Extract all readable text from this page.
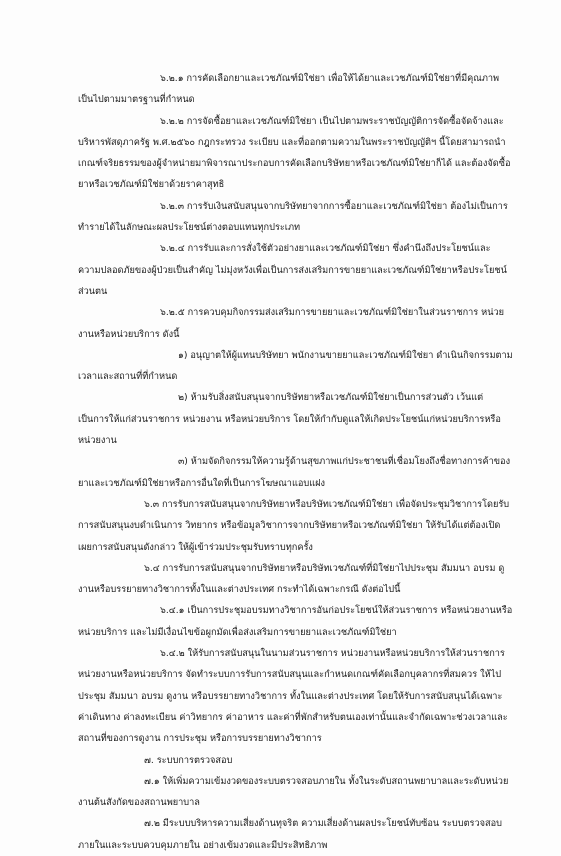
๖.๒.๑ การคัดเลือกยาและเวชภัณฑ์มิใช่ยา เพื่อให้ได้ยาและเวชภัณฑ์มิใช่ยาที่มีคุณภาพ เป็นไปตามมาตรฐานที่กำหนด

๖.๒.๒ การจัดซื้อยาและเวชภัณฑ์มิใช่ยา เป็นไปตามพระราชบัญญัติการจัดซื้อจัดจ้างและบริหารพัสดุภาครัฐ พ.ศ.๒๕๖๐ กฎกระทรวง ระเบียบ และที่ออกตามความในพระราชบัญญัติฯ นี้โดยสามารถนำเกณฑ์จริยธรรมของผู้จำหน่ายมาพิจารณาประกอบการคัดเลือกบริษัทยาหรือเวชภัณฑ์มิใช่ยาก็ได้ และต้องจัดซื้อยาหรือเวชภัณฑ์มิใช่ยาด้วยราคาสุทธิ

๖.๒.๓ การรับเงินสนับสนุนจากบริษัทยาจากการซื้อยาและเวชภัณฑ์มิใช่ยา ต้องไม่เป็นการทำรายได้ในลักษณะผลประโยชน์ต่างตอบแทนทุกประเภท

๖.๒.๔ การรับและการสั่งใช้ตัวอย่างยาและเวชภัณฑ์มิใช่ยา ซึ่งคำนึงถึงประโยชน์และความปลอดภัยของผู้ป่วยเป็นสำคัญ ไม่มุ่งหวังเพื่อเป็นการส่งเสริมการขายยาและเวชภัณฑ์มิใช่ยาหรือประโยชน์ส่วนตน

๖.๒.๕ การควบคุมกิจกรรมส่งเสริมการขายยาและเวชภัณฑ์มิใช่ยาในส่วนราชการ หน่วยงานหรือหน่วยบริการ ดังนี้

๑) อนุญาตให้ผู้แทนบริษัทยา พนักงานขายยาและเวชภัณฑ์มิใช่ยา ดำเนินกิจกรรมตามเวลาและสถานที่ที่กำหนด

๒) ห้ามรับสิ่งสนับสนุนจากบริษัทยาหรือเวชภัณฑ์มิใช่ยาเป็นการส่วนตัว เว้นแต่เป็นการให้แก่ส่วนราชการ หน่วยงาน หรือหน่วยบริการ โดยให้กำกับดูแลให้เกิดประโยชน์แก่หน่วยบริการหรือหน่วยงาน

๓) ห้ามจัดกิจกรรมให้ความรู้ด้านสุขภาพแก่ประชาชนที่เชื่อมโยงถึงชื่อทางการค้าของยาและเวชภัณฑ์มิใช่ยาหรือการอื่นใดที่เป็นการโฆษณาแอบแฝง

๖.๓ การรับการสนับสนุนจากบริษัทยาหรือบริษัทเวชภัณฑ์มิใช่ยา เพื่อจัดประชุมวิชาการโดยรับการสนับสนุนงบดำเนินการ วิทยากร หรือข้อมูลวิชาการจากบริษัทยาหรือเวชภัณฑ์มิใช่ยา ให้รับได้แต่ต้องเปิดเผยการสนับสนุนดังกล่าว ให้ผู้เข้าร่วมประชุมรับทราบทุกครั้ง

๖.๔ การรับการสนับสนุนจากบริษัทยาหรือบริษัทเวชภัณฑ์ที่มิใช่ยาไปประชุม สัมมนา อบรม ดูงานหรือบรรยายทางวิชาการทั้งในและต่างประเทศ กระทำได้เฉพาะกรณี ดังต่อไปนี้

๖.๔.๑ เป็นการประชุมอบรมทางวิชาการอันก่อประโยชน์ให้ส่วนราชการ หรือหน่วยงานหรือหน่วยบริการ และไม่มีเงื่อนไขข้อผูกมัดเพื่อส่งเสริมการขายยาและเวชภัณฑ์มิใช่ยา

๖.๔.๒ ให้รับการสนับสนุนในนามส่วนราชการ หน่วยงานหรือหน่วยบริการให้ส่วนราชการ หน่วยงานหรือหน่วยบริการ จัดทำระบบการรับการสนับสนุนและกำหนดเกณฑ์คัดเลือกบุคลากรที่สมควร ให้ไปประชุม สัมมนา อบรม ดูงาน หรือบรรยายทางวิชาการ ทั้งในและต่างประเทศ โดยให้รับการสนับสนุนได้เฉพาะค่าเดินทาง ค่าลงทะเบียน ค่าวิทยากร ค่าอาหาร และค่าที่พักสำหรับตนเองเท่านั้นและจำกัดเฉพาะช่วงเวลาและสถานที่ของการดูงาน การประชุม หรือการบรรยายทางวิชาการ

๗. ระบบการตรวจสอบ

๗.๑ ให้เพิ่มความเข้มงวดของระบบตรวจสอบภายใน ทั้งในระดับสถานพยาบาลและระดับหน่วยงานต้นสังกัดของสถานพยาบาล

๗.๒ มีระบบบริหารความเสี่ยงด้านทุจริต ความเสี่ยงด้านผลประโยชน์ทับซ้อน ระบบตรวจสอบภายในและระบบควบคุมภายใน อย่างเข้มงวดและมีประสิทธิภาพ
